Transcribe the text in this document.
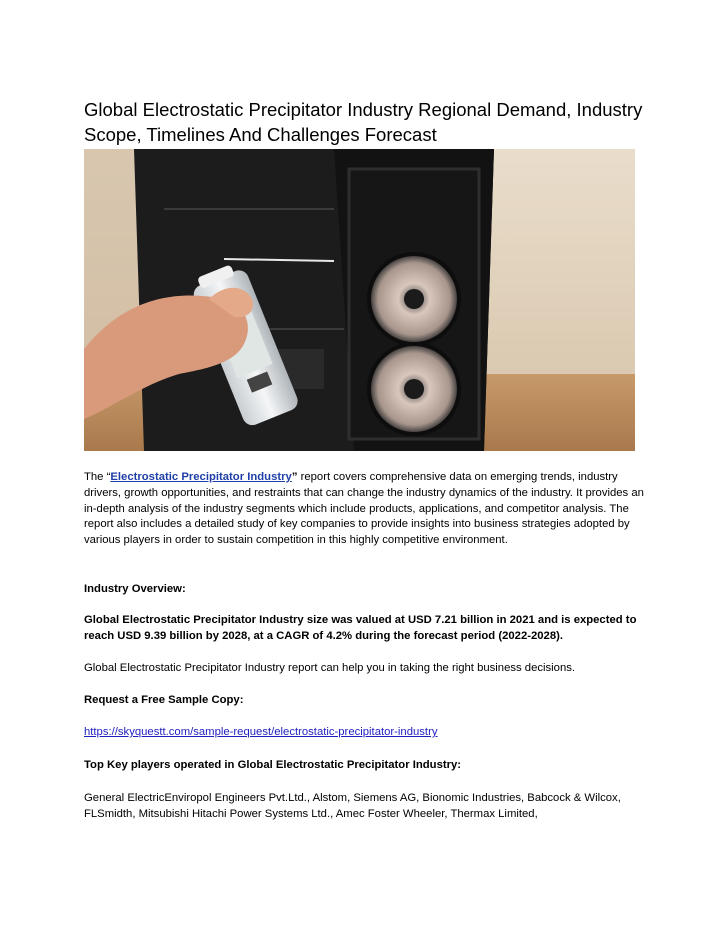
Global Electrostatic Precipitator Industry Regional Demand, Industry Scope, Timelines And Challenges Forecast

The “Electrostatic Precipitator Industry” report covers comprehensive data on emerging trends, industry drivers, growth opportunities, and restraints that can change the industry dynamics of the industry. It provides an in-depth analysis of the industry segments which include products, applications, and competitor analysis. The report also includes a detailed study of key companies to provide insights into business strategies adopted by various players in order to sustain competition in this highly competitive environment.

Industry Overview:

Global Electrostatic Precipitator Industry size was valued at USD 7.21 billion in 2021 and is expected to reach USD 9.39 billion by 2028, at a CAGR of 4.2% during the forecast period (2022-2028).

Global Electrostatic Precipitator Industry report can help you in taking the right business decisions.

Request a Free Sample Copy:

https://skyquestt.com/sample-request/electrostatic-precipitator-industry

Top Key players operated in Global Electrostatic Precipitator Industry:

General ElectricEnviropol Engineers Pvt.Ltd., Alstom, Siemens AG, Bionomic Industries, Babcock & Wilcox, FLSmidth, Mitsubishi Hitachi Power Systems Ltd., Amec Foster Wheeler, Thermax Limited,
